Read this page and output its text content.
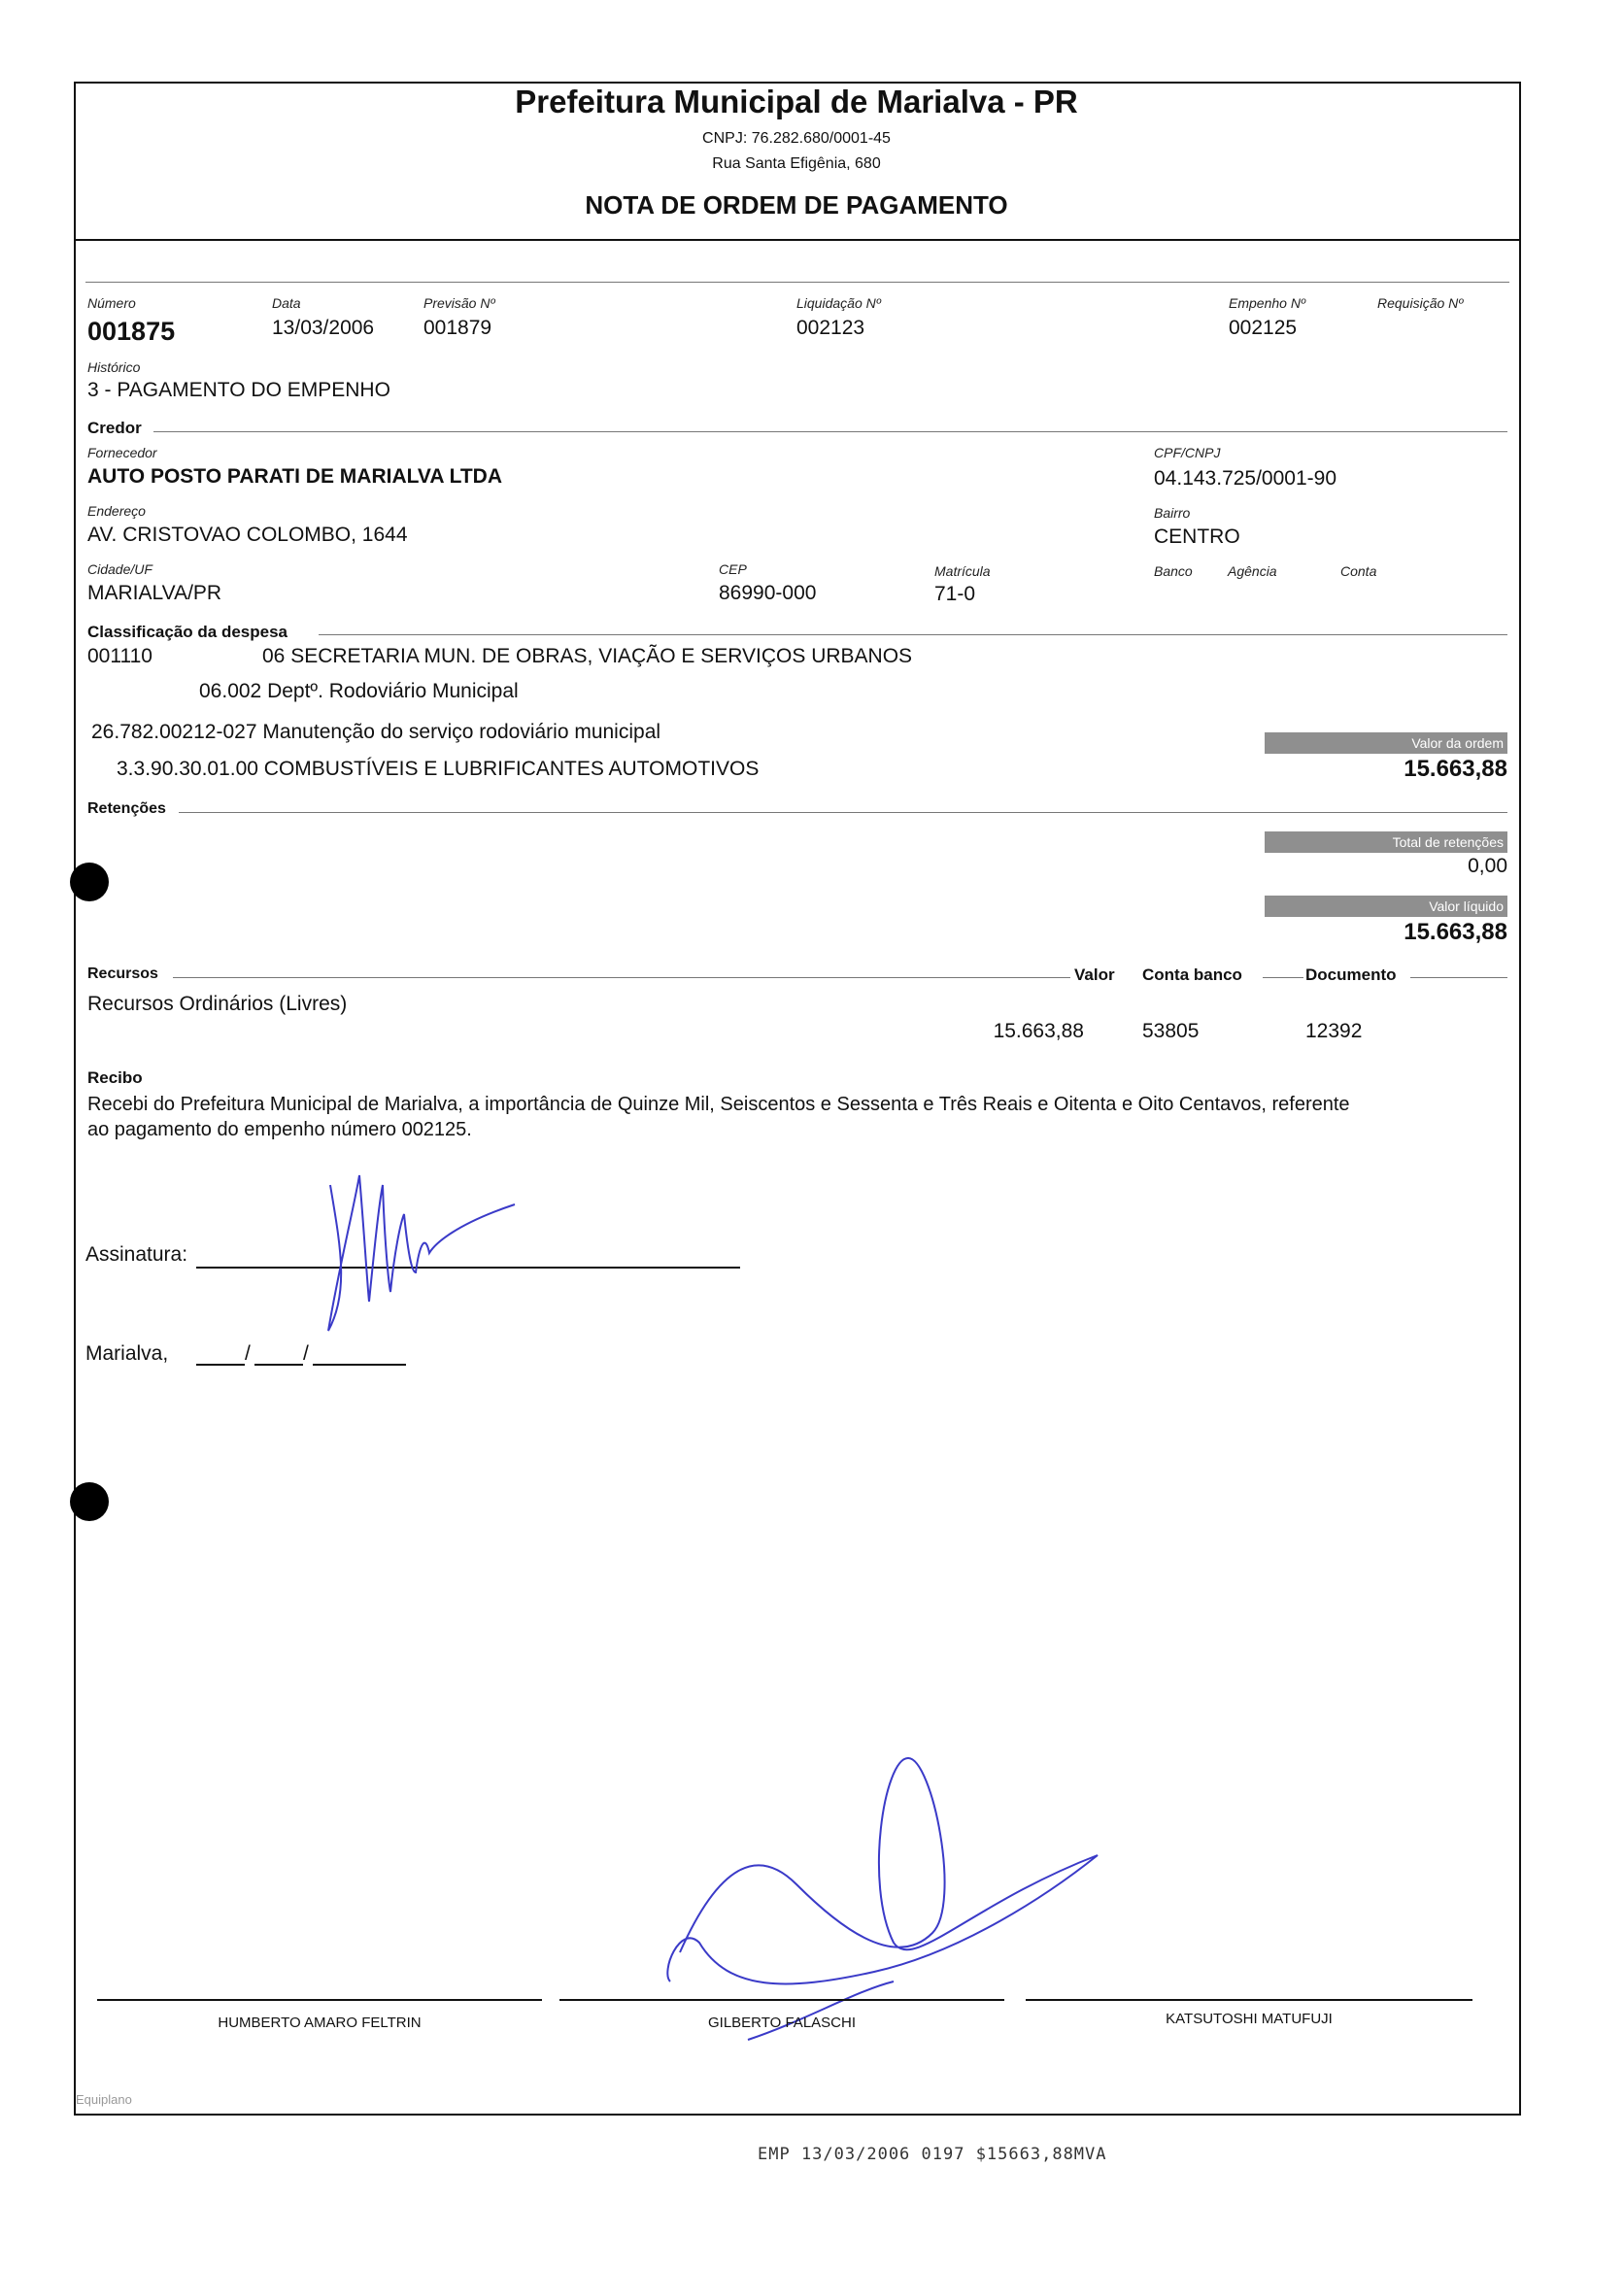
Prefeitura Municipal de Marialva - PR
CNPJ: 76.282.680/0001-45
Rua Santa Efigênia, 680
NOTA DE ORDEM DE PAGAMENTO
Número
001875
Data
13/03/2006
Previsão Nº
001879
Liquidação Nº
002123
Empenho Nº
002125
Requisição Nº
Histórico
3 - PAGAMENTO DO EMPENHO
Credor
Fornecedor
AUTO POSTO PARATI DE MARIALVA LTDA
CPF/CNPJ
04.143.725/0001-90
Endereço
AV. CRISTOVAO COLOMBO, 1644
Bairro
CENTRO
Cidade/UF
MARIALVA/PR
CEP
86990-000
Matrícula
71-0
Banco	Agência	Conta
Classificação da despesa
001110	06 SECRETARIA MUN. DE OBRAS, VIAÇÃO E SERVIÇOS URBANOS
06.002 Deptº. Rodoviário Municipal
26.782.00212-027 Manutenção do serviço rodoviário municipal
3.3.90.30.01.00 COMBUSTÍVEIS E LUBRIFICANTES AUTOMOTIVOS
Valor da ordem
15.663,88
Retenções
Total de retenções
0,00
Valor líquido
15.663,88
Recursos	Valor Conta banco	Documento
Recursos Ordinários (Livres)
15.663,88	53805	12392
Recibo
Recebi do Prefeitura Municipal de Marialva, a importância de Quinze Mil, Seiscentos e Sessenta e Três Reais e Oitenta e Oito Centavos, referente
ao pagamento do empenho número 002125.
Assinatura:
Marialva,	/	/
HUMBERTO AMARO FELTRIN	GILBERTO FALASCHI	KATSUTOSHI MATUFUJI
Equiplano
EMP 13/03/2006 0197 $15663,88MVA
